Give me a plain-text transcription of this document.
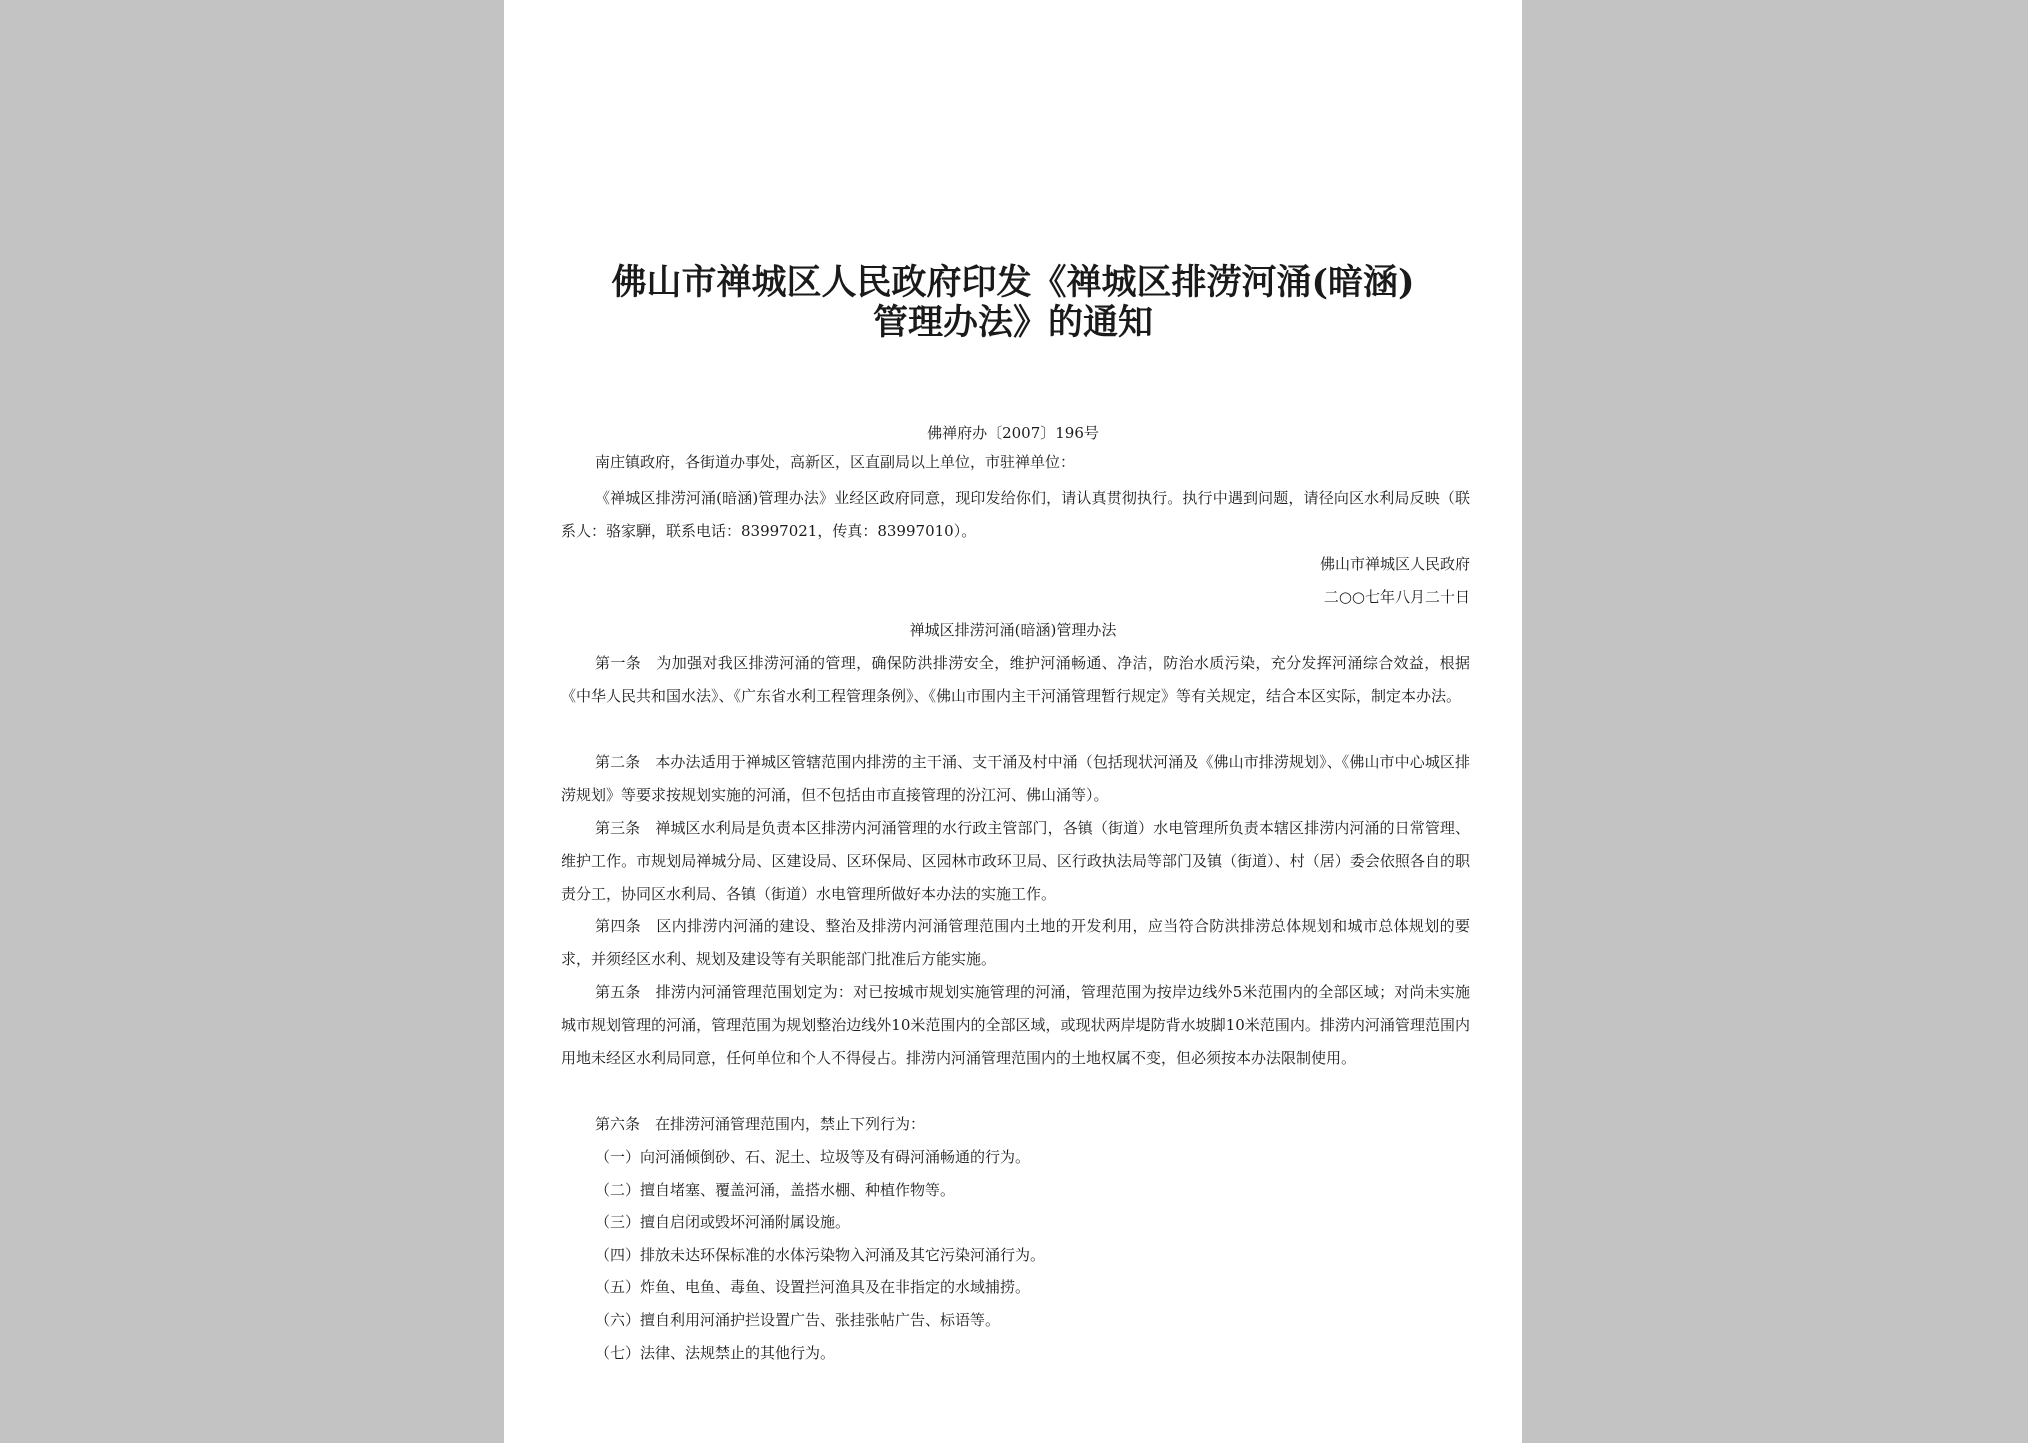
佛山市禅城区人民政府印发《禅城区排涝河涌(暗涵)
管理办法》的通知
佛禅府办〔2007〕196号

南庄镇政府，各街道办事处，高新区，区直副局以上单位，市驻禅单位：

《禅城区排涝河涌(暗涵)管理办法》业经区政府同意，现印发给你们，请认真贯彻执行。执行中遇到问题，请径向区水利局反映（联系人：骆家騨，联系电话：83997021，传真：83997010）。

佛山市禅城区人民政府
二○○七年八月二十日
禅城区排涝河涌(暗涵)管理办法

第一条　为加强对我区排涝河涌的管理，确保防洪排涝安全，维护河涌畅通、净洁，防治水质污染，充分发挥河涌综合效益，根据《中华人民共和国水法》、《广东省水利工程管理条例》、《佛山市围内主干河涌管理暂行规定》等有关规定，结合本区实际，制定本办法。

第二条　本办法适用于禅城区管辖范围内排涝的主干涌、支干涌及村中涌（包括现状河涌及《佛山市排涝规划》、《佛山市中心城区排涝规划》等要求按规划实施的河涌，但不包括由市直接管理的汾江河、佛山涌等）。

第三条　禅城区水利局是负责本区排涝内河涌管理的水行政主管部门，各镇（街道）水电管理所负责本辖区排涝内河涌的日常管理、维护工作。市规划局禅城分局、区建设局、区环保局、区园林市政环卫局、区行政执法局等部门及镇（街道）、村（居）委会依照各自的职责分工，协同区水利局、各镇（街道）水电管理所做好本办法的实施工作。

第四条　区内排涝内河涌的建设、整治及排涝内河涌管理范围内土地的开发利用，应当符合防洪排涝总体规划和城市总体规划的要求，并须经区水利、规划及建设等有关职能部门批准后方能实施。

第五条　排涝内河涌管理范围划定为：对已按城市规划实施管理的河涌，管理范围为按岸边线外5米范围内的全部区域；对尚未实施城市规划管理的河涌，管理范围为规划整治边线外10米范围内的全部区域，或现状两岸堤防背水坡脚10米范围内。排涝内河涌管理范围内用地未经区水利局同意，任何单位和个人不得侵占。排涝内河涌管理范围内的土地权属不变，但必须按本办法限制使用。

第六条　在排涝河涌管理范围内，禁止下列行为：

（一）向河涌倾倒砂、石、泥土、垃圾等及有碍河涌畅通的行为。
（二）擅自堵塞、覆盖河涌，盖搭水棚、种植作物等。
（三）擅自启闭或毁坏河涌附属设施。
（四）排放未达环保标准的水体污染物入河涌及其它污染河涌行为。
（五）炸鱼、电鱼、毒鱼、设置拦河渔具及在非指定的水域捕捞。
（六）擅自利用河涌护拦设置广告、张挂张帖广告、标语等。
（七）法律、法规禁止的其他行为。
